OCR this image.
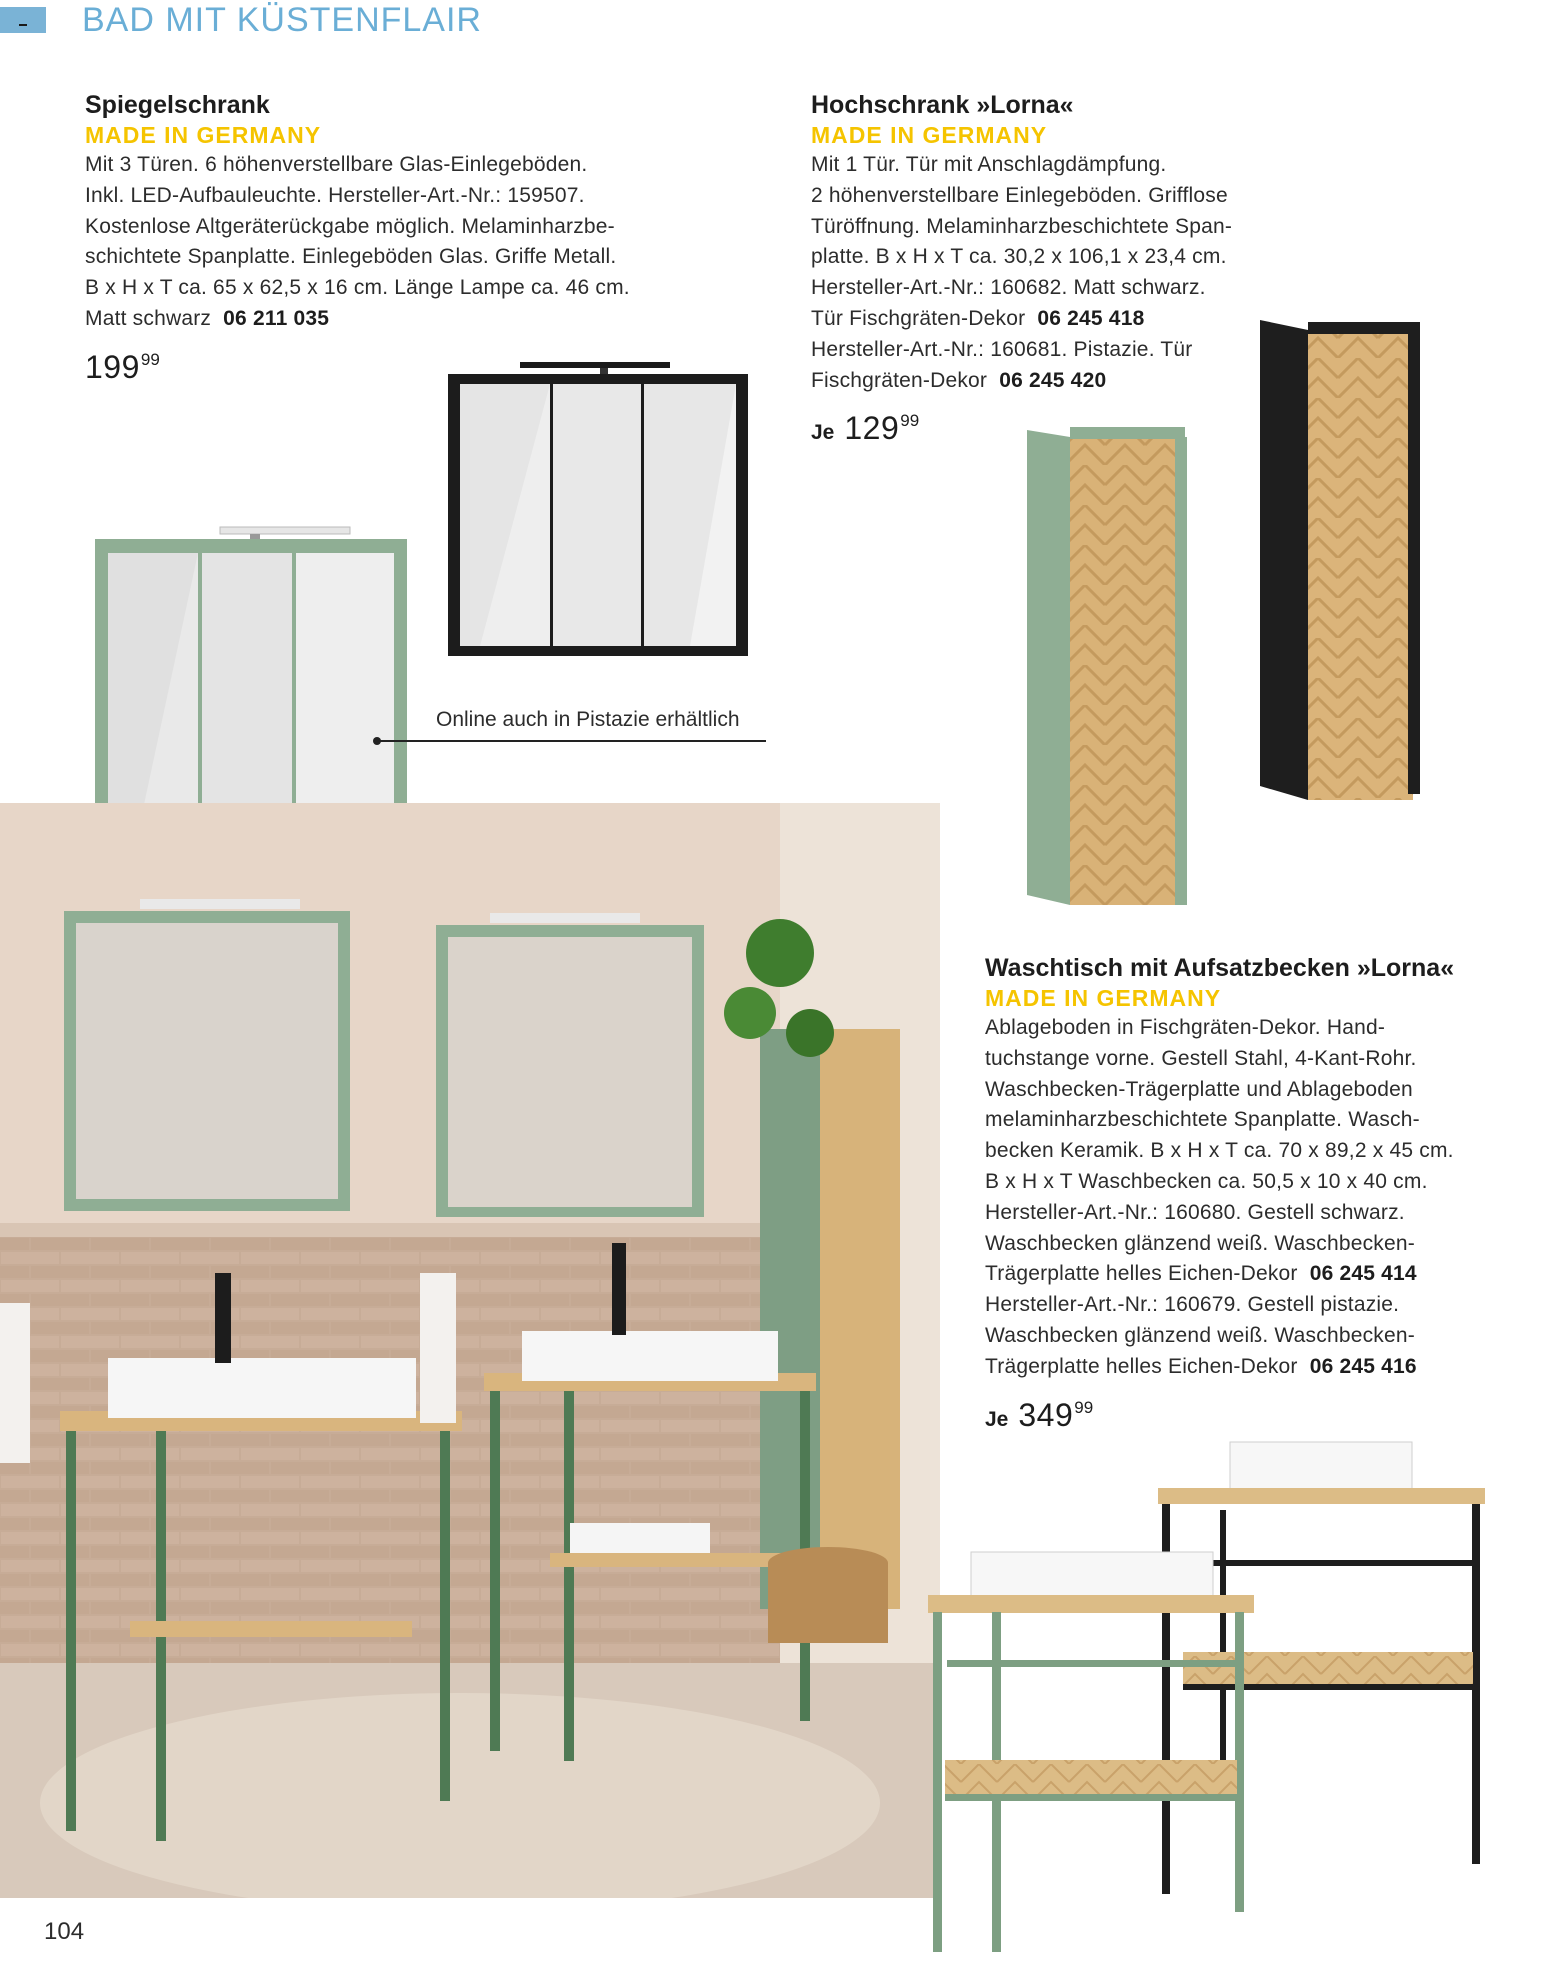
BAD MIT KÜSTENFLAIR
Spiegelschrank
MADE IN GERMANY
Mit 3 Türen. 6 höhenverstellbare Glas-Einlegeböden.
Inkl. LED-Aufbauleuchte. Hersteller-Art.-Nr.: 159507.
Kostenlose Altgeräterückgabe möglich. Melaminharzbe-
schichtete Spanplatte. Einlegeböden Glas. Griffe Metall.
B x H x T ca. 65 x 62,5 x 16 cm. Länge Lampe ca. 46 cm.
Matt schwarz 06 211 035
19999
Hochschrank »Lorna«
MADE IN GERMANY
Mit 1 Tür. Tür mit Anschlagdämpfung.
2 höhenverstellbare Einlegeböden. Grifflose
Türöffnung. Melaminharzbeschichtete Span-
platte. B x H x T ca. 30,2 x 106,1 x 23,4 cm.
Hersteller-Art.-Nr.: 160682. Matt schwarz.
Tür Fischgräten-Dekor 06 245 418
Hersteller-Art.-Nr.: 160681. Pistazie. Tür
Fischgräten-Dekor 06 245 420
Je 12999
Online auch in Pistazie erhältlich
Waschtisch mit Aufsatzbecken »Lorna«
MADE IN GERMANY
Ablageboden in Fischgräten-Dekor. Hand-
tuchstange vorne. Gestell Stahl, 4-Kant-Rohr.
Waschbecken-Trägerplatte und Ablageboden
melaminharzbeschichtete Spanplatte. Wasch-
becken Keramik. B x H x T ca. 70 x 89,2 x 45 cm.
B x H x T Waschbecken ca. 50,5 x 10 x 40 cm.
Hersteller-Art.-Nr.: 160680. Gestell schwarz.
Waschbecken glänzend weiß. Waschbecken-
Trägerplatte helles Eichen-Dekor 06 245 414
Hersteller-Art.-Nr.: 160679. Gestell pistazie.
Waschbecken glänzend weiß. Waschbecken-
Trägerplatte helles Eichen-Dekor 06 245 416
Je 34999
104
